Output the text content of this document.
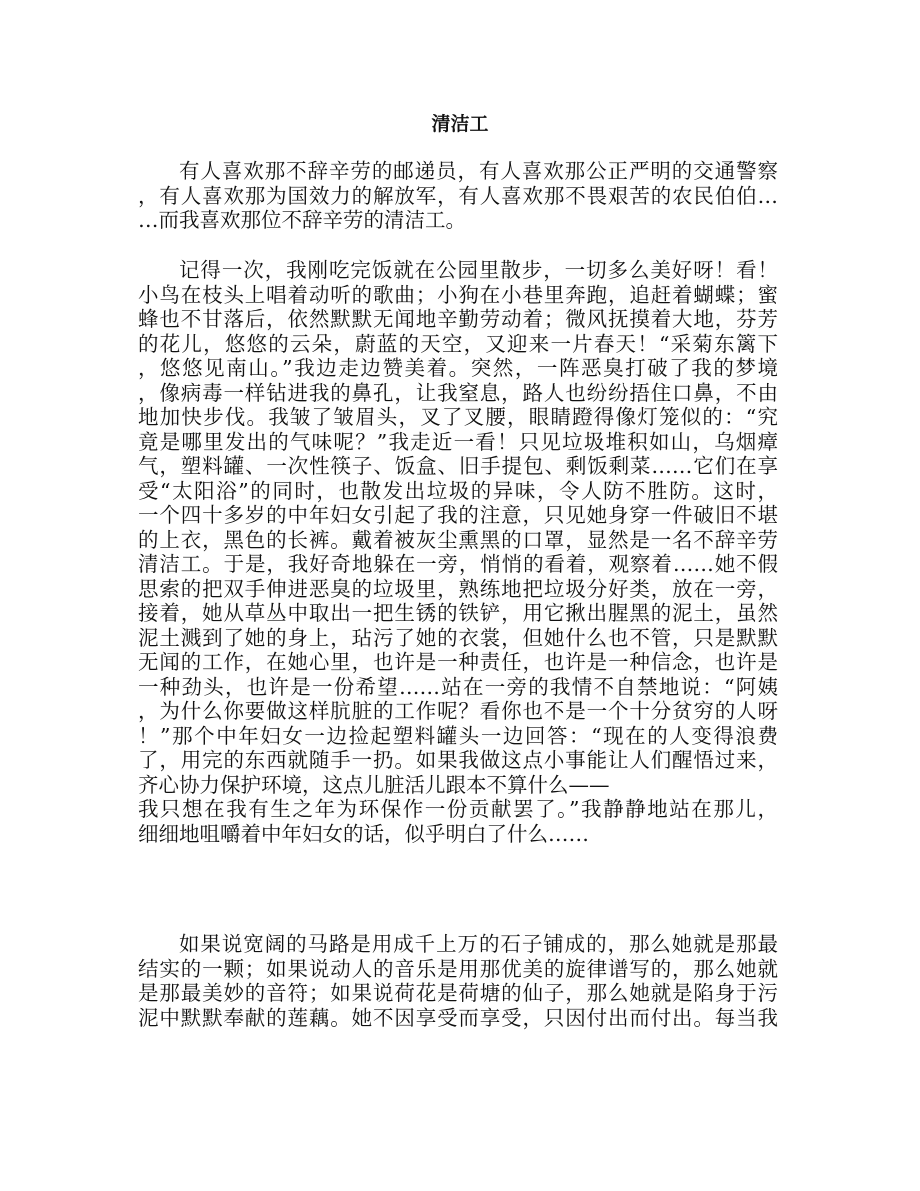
清洁工
有人喜欢那不辞辛劳的邮递员，有人喜欢那公正严明的交通警察
，有人喜欢那为国效力的解放军，有人喜欢那不畏艰苦的农民伯伯…
…而我喜欢那位不辞辛劳的清洁工。
记得一次，我刚吃完饭就在公园里散步，一切多么美好呀！看！
小鸟在枝头上唱着动听的歌曲；小狗在小巷里奔跑，追赶着蝴蝶；蜜
蜂也不甘落后，依然默默无闻地辛勤劳动着；微风抚摸着大地，芬芳
的花儿，悠悠的云朵，蔚蓝的天空，又迎来一片春天！“采菊东篱下
，悠悠见南山。”我边走边赞美着。突然，一阵恶臭打破了我的梦境
，像病毒一样钻进我的鼻孔，让我窒息，路人也纷纷捂住口鼻，不由
地加快步伐。我皱了皱眉头，叉了叉腰，眼睛蹬得像灯笼似的：“究
竟是哪里发出的气味呢？”我走近一看！只见垃圾堆积如山，乌烟瘴
气，塑料罐、一次性筷子、饭盒、旧手提包、剩饭剩菜……它们在享
受“太阳浴”的同时，也散发出垃圾的异味，令人防不胜防。这时，
一个四十多岁的中年妇女引起了我的注意，只见她身穿一件破旧不堪
的上衣，黑色的长裤。戴着被灰尘熏黑的口罩，显然是一名不辞辛劳
清洁工。于是，我好奇地躲在一旁，悄悄的看着，观察着……她不假
思索的把双手伸进恶臭的垃圾里，熟练地把垃圾分好类，放在一旁，
接着，她从草丛中取出一把生锈的铁铲，用它揪出腥黑的泥土，虽然
泥土溅到了她的身上，玷污了她的衣裳，但她什么也不管，只是默默
无闻的工作，在她心里，也许是一种责任，也许是一种信念，也许是
一种劲头，也许是一份希望……站在一旁的我情不自禁地说：“阿姨
，为什么你要做这样肮脏的工作呢？看你也不是一个十分贫穷的人呀
！”那个中年妇女一边捡起塑料罐头一边回答：“现在的人变得浪费
了，用完的东西就随手一扔。如果我做这点小事能让人们醒悟过来，
齐心协力保护环境，这点儿脏活儿跟本不算什么——
我只想在我有生之年为环保作一份贡献罢了。”我静静地站在那儿，
细细地咀嚼着中年妇女的话，似乎明白了什么……
如果说宽阔的马路是用成千上万的石子铺成的，那么她就是那最
结实的一颗；如果说动人的音乐是用那优美的旋律谱写的，那么她就
是那最美妙的音符；如果说荷花是荷塘的仙子，那么她就是陷身于污
泥中默默奉献的莲藕。她不因享受而享受，只因付出而付出。每当我
